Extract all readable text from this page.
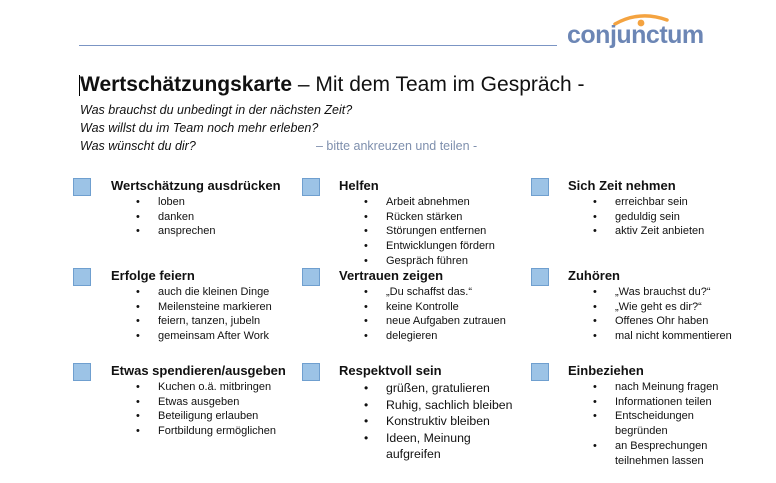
conjunctum
Wertschätzungskarte – Mit dem Team im Gespräch -
Was brauchst du unbedingt in der nächsten Zeit?
Was willst du im Team noch mehr erleben?
Was wünscht du dir?	– bitte ankreuzen und teilen -
Wertschätzung ausdrücken
• loben
• danken
• ansprechen
Helfen
• Arbeit abnehmen
• Rücken stärken
• Störungen entfernen
• Entwicklungen fördern
• Gespräch führen
Sich Zeit nehmen
• erreichbar sein
• geduldig sein
• aktiv Zeit anbieten
Erfolge feiern
• auch die kleinen Dinge
• Meilensteine markieren
• feiern, tanzen, jubeln
• gemeinsam After Work
Vertrauen zeigen
• „Du schaffst das.“
• keine Kontrolle
• neue Aufgaben zutrauen
• delegieren
Zuhören
• „Was brauchst du?“
• „Wie geht es dir?“
• Offenes Ohr haben
• mal nicht kommentieren
Etwas spendieren/ausgeben
• Kuchen o.ä. mitbringen
• Etwas ausgeben
• Beteiligung erlauben
• Fortbildung ermöglichen
Respektvoll sein
• grüßen, gratulieren
• Ruhig, sachlich bleiben
• Konstruktiv bleiben
• Ideen, Meinung
aufgreifen
Einbeziehen
• nach Meinung fragen
• Informationen teilen
• Entscheidungen
begründen
• an Besprechungen
teilnehmen lassen
